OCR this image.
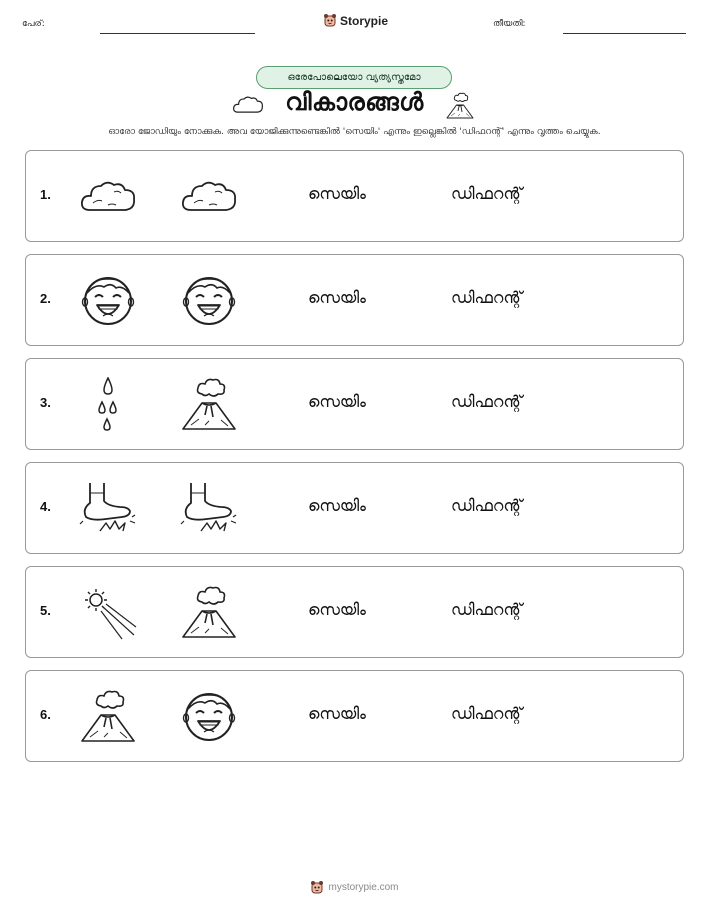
പേര്:	Storypie	തീയതി:
ഒരേപോലെയോ വ്യത്യസ്തമോ
വികാരങ്ങൾ
ഓരോ ജോഡിയും നോക്കുക. അവ യോജിക്കുന്നുണ്ടെങ്കിൽ 'സെയിം' എന്നും ഇല്ലെങ്കിൽ 'ഡിഫറന്റ്' എന്നും വൃത്തം ചെയ്യുക.
1.	സെയിം	ഡിഫറന്റ്
2.	സെയിം	ഡിഫറന്റ്
3.	സെയിം	ഡിഫറന്റ്
4.	സെയിം	ഡിഫറന്റ്
5.	സെയിം	ഡിഫറന്റ്
6.	സെയിം	ഡിഫറന്റ്
mystorypie.com
